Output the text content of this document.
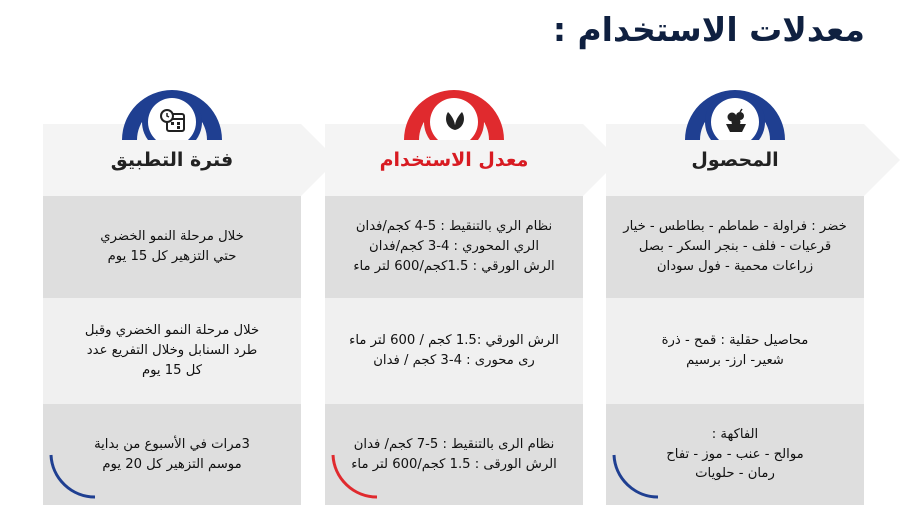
معدلات الاستخدام :
المحصول
خضر : فراولة - طماطم - بطاطس - خيار
قرعيات - فلف - بنجر السكر - بصل
زراعات محمية - فول سودان
محاصيل حقلية : قمح - ذرة
شعير- ارز- برسيم
الفاكهة :
موالح - عنب - موز - تفاح
رمان - حلويات
معدل الاستخدام
نظام الري بالتنقيط : 5-4 كجم/فدان
الري المحوري : 4-3 كجم/فدان
الرش الورقي : 1.5كجم/600 لتر ماء
الرش الورقي :1.5 كجم / 600 لتر ماء
رى محورى : 4-3 كجم / فدان
نظام الرى بالتنقيط : 5-7 كجم/ فدان
الرش الورقى : 1.5 كجم/600 لتر ماء
فترة التطبيق
خلال مرحلة النمو الخضري
حتي التزهير كل 15 يوم
خلال مرحلة النمو الخضري وقبل
طرد السنابل وخلال التفريع عدد
كل 15 يوم
3مرات في الأسبوع من بداية
موسم التزهير كل 20 يوم
